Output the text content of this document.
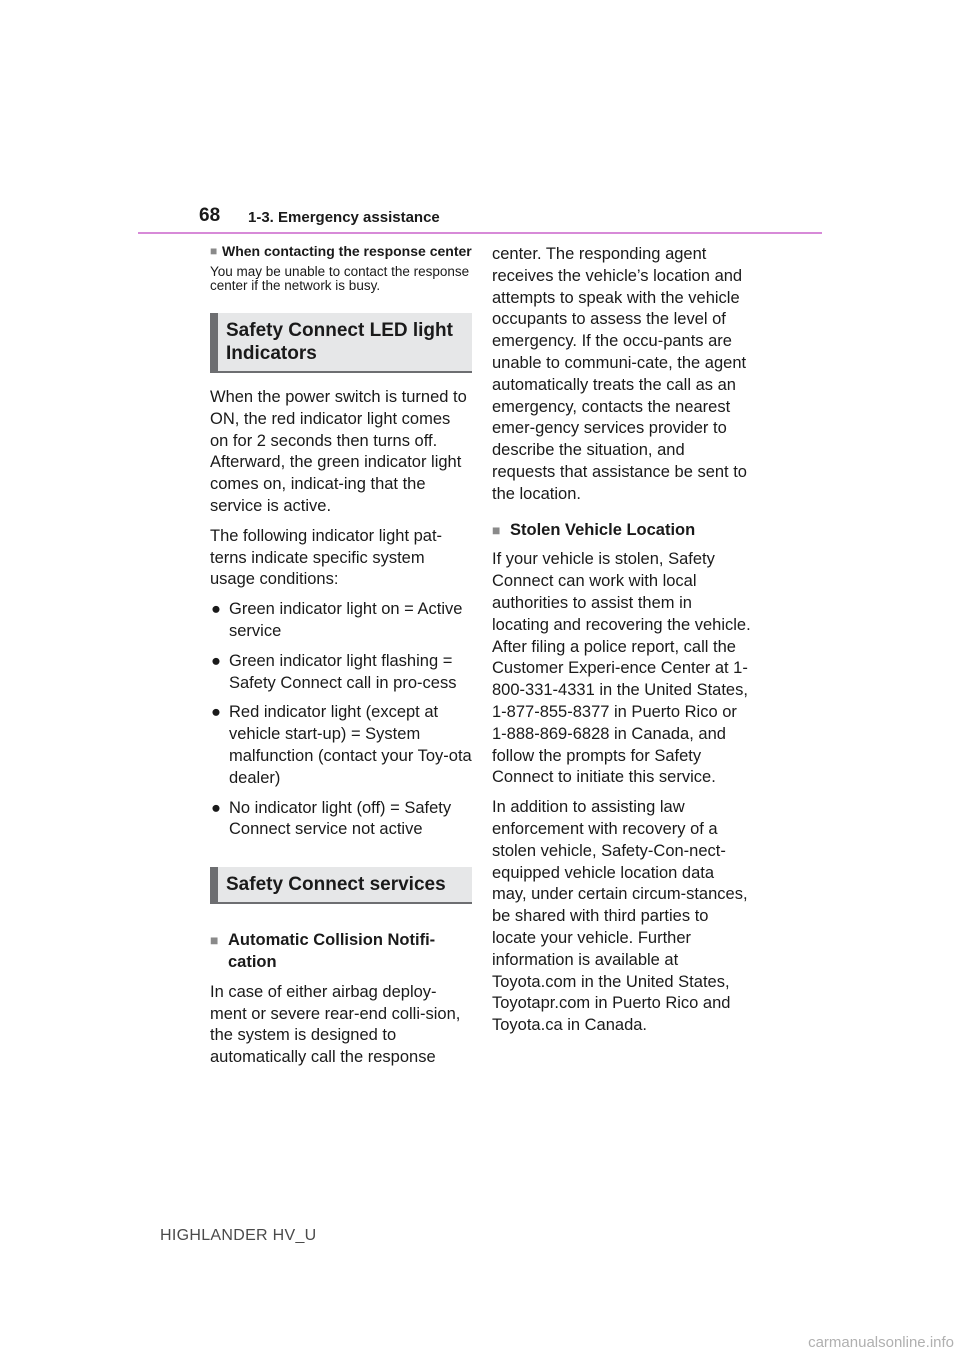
68 1-3. Emergency assistance
■ When contacting the response center
You may be unable to contact the response center if the network is busy.
Safety Connect LED light
Indicators

When the power switch is turned to ON, the red indicator light comes on for 2 seconds then turns off. Afterward, the green indicator light comes on, indicat-ing that the service is active.

The following indicator light pat-terns indicate specific system usage conditions:

● Green indicator light on = Active service
● Green indicator light flashing = Safety Connect call in pro-cess
● Red indicator light (except at vehicle start-up) = System malfunction (contact your Toy-ota dealer)
● No indicator light (off) = Safety Connect service not active
Safety Connect services
■ Automatic Collision Notifi-cation

In case of either airbag deploy-ment or severe rear-end colli-sion, the system is designed to automatically call the response

center. The responding agent receives the vehicle’s location and attempts to speak with the vehicle occupants to assess the level of emergency. If the occu-pants are unable to communi-cate, the agent automatically treats the call as an emergency, contacts the nearest emer-gency services provider to describe the situation, and requests that assistance be sent to the location.

■ Stolen Vehicle Location

If your vehicle is stolen, Safety Connect can work with local authorities to assist them in locating and recovering the vehicle. After filing a police report, call the Customer Experi-ence Center at 1-800-331-4331 in the United States, 1-877-855-8377 in Puerto Rico or 1-888-869-6828 in Canada, and follow the prompts for Safety Connect to initiate this service.

In addition to assisting law enforcement with recovery of a stolen vehicle, Safety-Con-nect-equipped vehicle location data may, under certain circum-stances, be shared with third parties to locate your vehicle. Further information is available at Toyota.com in the United States, Toyotapr.com in Puerto Rico and Toyota.ca in Canada.

HIGHLANDER HV_U
carmanualsonline.info
